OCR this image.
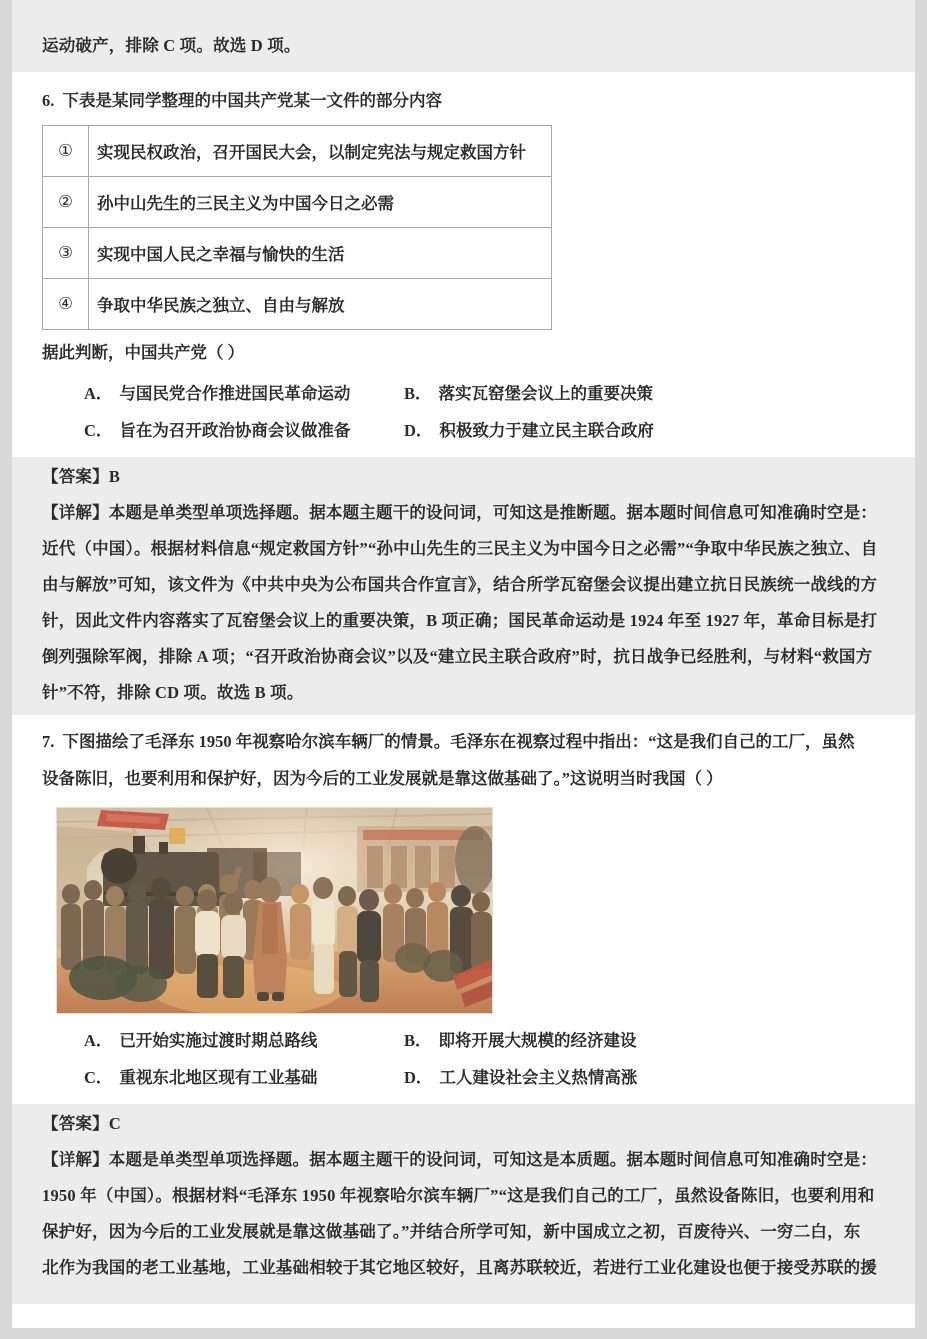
运动破产，排除 C 项。故选 D 项。
6. 下表是某同学整理的中国共产党某一文件的部分内容
①	实现民权政治，召开国民大会，以制定宪法与规定救国方针
②	孙中山先生的三民主义为中国今日之必需
③	实现中国人民之幸福与愉快的生活
④	争取中华民族之独立、自由与解放
据此判断，中国共产党（ ）
A． 与国民党合作推进国民革命运动	B． 落实瓦窑堡会议上的重要决策
C． 旨在为召开政治协商会议做准备	D． 积极致力于建立民主联合政府
【答案】B
【详解】本题是单类型单项选择题。据本题主题干的设问词，可知这是推断题。据本题时间信息可知准确时空是：
近代（中国）。根据材料信息“规定救国方针”“孙中山先生的三民主义为中国今日之必需”“争取中华民族之独立、自
由与解放”可知，该文件为《中共中央为公布国共合作宣言》，结合所学瓦窑堡会议提出建立抗日民族统一战线的方
针，因此文件内容落实了瓦窑堡会议上的重要决策，B 项正确；国民革命运动是 1924 年至 1927 年，革命目标是打
倒列强除军阀，排除 A 项；“召开政治协商会议”以及“建立民主联合政府”时，抗日战争已经胜利，与材料“救国方
针”不符，排除 CD 项。故选 B 项。
7. 下图描绘了毛泽东 1950 年视察哈尔滨车辆厂的情景。毛泽东在视察过程中指出：“这是我们自己的工厂，虽然
设备陈旧，也要利用和保护好，因为今后的工业发展就是靠这做基础了。”这说明当时我国（ ）
A． 已开始实施过渡时期总路线	B． 即将开展大规模的经济建设
C． 重视东北地区现有工业基础	D． 工人建设社会主义热情高涨
【答案】C
【详解】本题是单类型单项选择题。据本题主题干的设问词，可知这是本质题。据本题时间信息可知准确时空是：
1950 年（中国）。根据材料“毛泽东 1950 年视察哈尔滨车辆厂”“这是我们自己的工厂，虽然设备陈旧，也要利用和
保护好，因为今后的工业发展就是靠这做基础了。”并结合所学可知，新中国成立之初，百废待兴、一穷二白，东
北作为我国的老工业基地，工业基础相较于其它地区较好，且离苏联较近，若进行工业化建设也便于接受苏联的援
